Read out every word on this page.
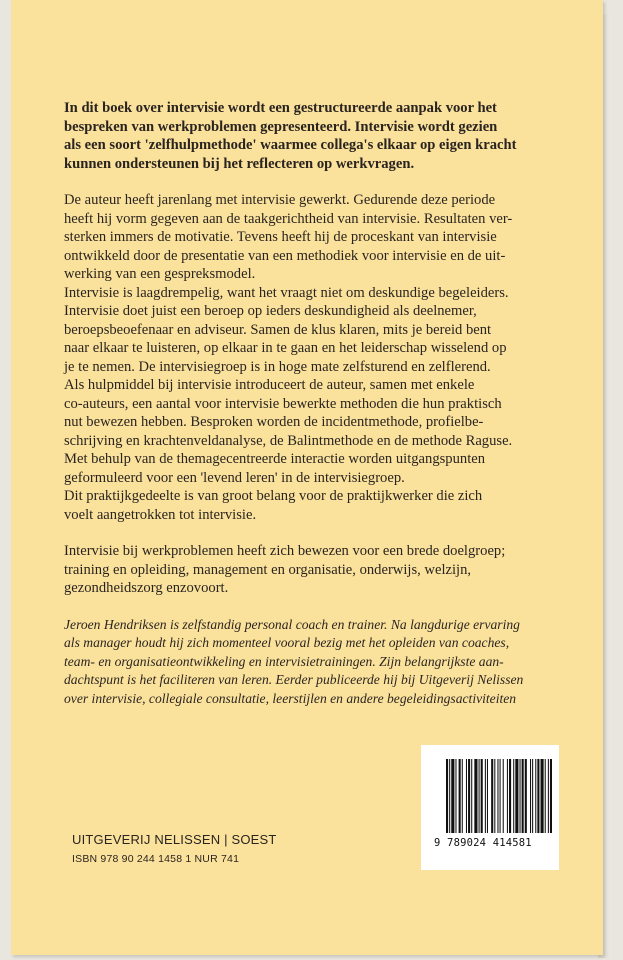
In dit boek over intervisie wordt een gestructureerde aanpak voor het
bespreken van werkproblemen gepresenteerd. Intervisie wordt gezien
als een soort 'zelfhulpmethode' waarmee collega's elkaar op eigen kracht
kunnen ondersteunen bij het reflecteren op werkvragen.

De auteur heeft jarenlang met intervisie gewerkt. Gedurende deze periode
heeft hij vorm gegeven aan de taakgerichtheid van intervisie. Resultaten ver-
sterken immers de motivatie. Tevens heeft hij de proceskant van intervisie
ontwikkeld door de presentatie van een methodiek voor intervisie en de uit-
werking van een gespreksmodel.
Intervisie is laagdrempelig, want het vraagt niet om deskundige begeleiders.
Intervisie doet juist een beroep op ieders deskundigheid als deelnemer,
beroepsbeoefenaar en adviseur. Samen de klus klaren, mits je bereid bent
naar elkaar te luisteren, op elkaar in te gaan en het leiderschap wisselend op
je te nemen. De intervisiegroep is in hoge mate zelfsturend en zelflerend.
Als hulpmiddel bij intervisie introduceert de auteur, samen met enkele
co-auteurs, een aantal voor intervisie bewerkte methoden die hun praktisch
nut bewezen hebben. Besproken worden de incidentmethode, profielbe-
schrijving en krachtenveldanalyse, de Balintmethode en de methode Raguse.
Met behulp van de themagecentreerde interactie worden uitgangspunten
geformuleerd voor een 'levend leren' in de intervisiegroep.
Dit praktijkgedeelte is van groot belang voor de praktijkwerker die zich
voelt aangetrokken tot intervisie.

Intervisie bij werkproblemen heeft zich bewezen voor een brede doelgroep;
training en opleiding, management en organisatie, onderwijs, welzijn,
gezondheidszorg enzovoort.

Jeroen Hendriksen is zelfstandig personal coach en trainer. Na langdurige ervaring
als manager houdt hij zich momenteel vooral bezig met het opleiden van coaches,
team- en organisatieontwikkeling en intervisietrainingen. Zijn belangrijkste aan-
dachtspunt is het faciliteren van leren. Eerder publiceerde hij bij Uitgeverij Nelissen
over intervisie, collegiale consultatie, leerstijlen en andere begeleidingsactiviteiten

UITGEVERIJ NELISSEN | SOEST
ISBN 978 90 244 1458 1 NUR 741
9 789024 414581
